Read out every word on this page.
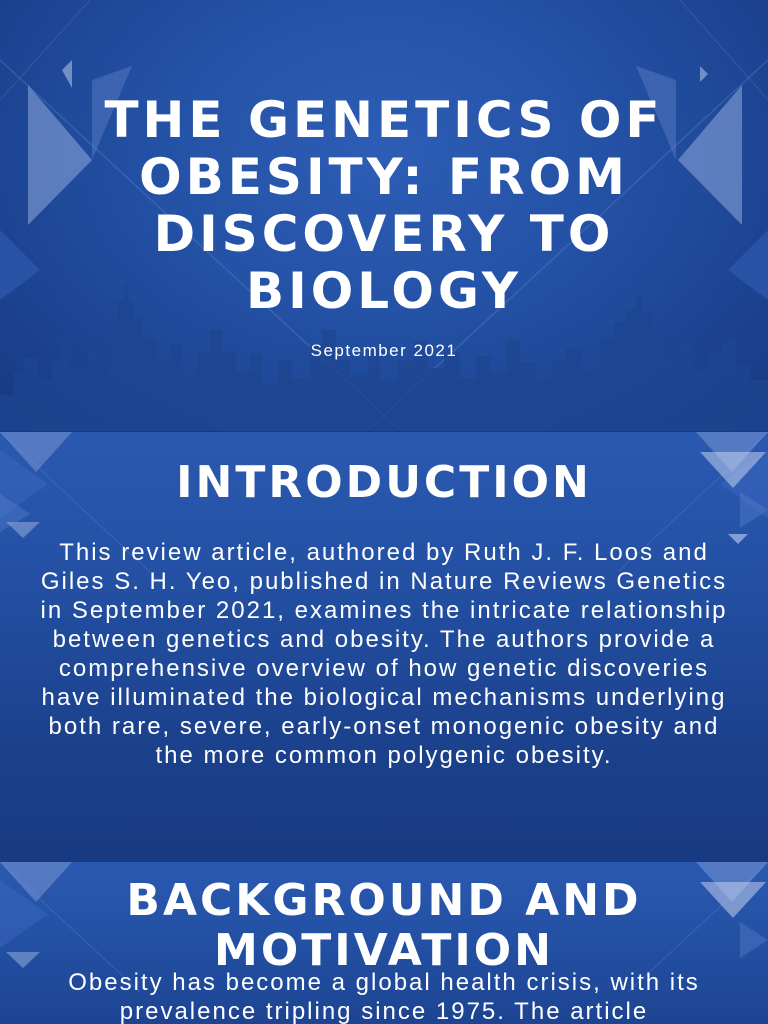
THE GENETICS OF OBESITY: FROM DISCOVERY TO BIOLOGY
September 2021
INTRODUCTION

This review article, authored by Ruth J. F. Loos and Giles S. H. Yeo, published in Nature Reviews Genetics in September 2021, examines the intricate relationship between genetics and obesity. The authors provide a comprehensive overview of how genetic discoveries have illuminated the biological mechanisms underlying both rare, severe, early-onset monogenic obesity and the more common polygenic obesity.

BACKGROUND AND MOTIVATION

Obesity has become a global health crisis, with its prevalence tripling since 1975. The article
